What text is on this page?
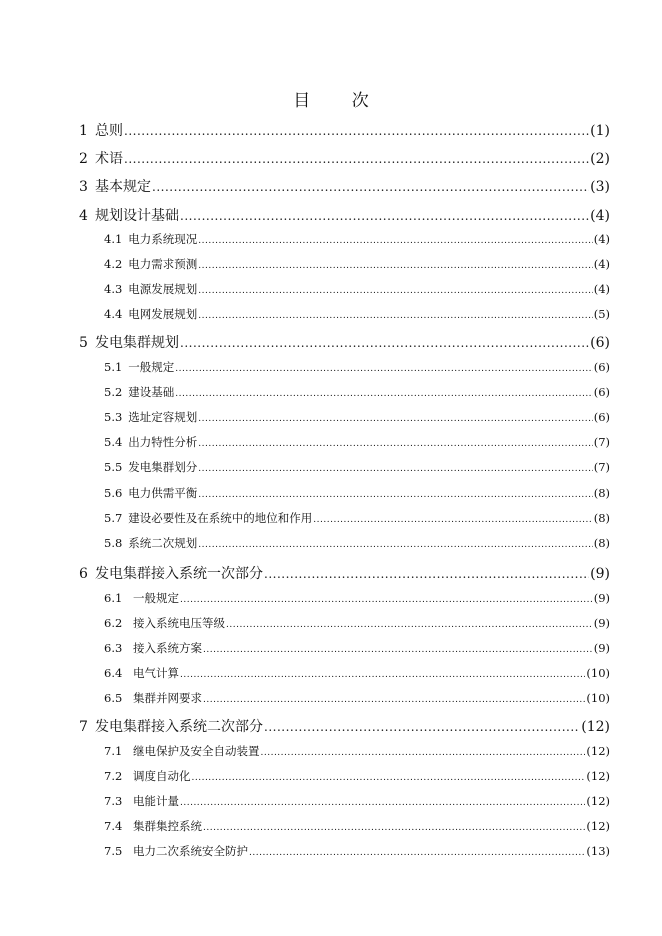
目 次
1 总则 .....	(1)
2 术语 .....	(2)
3 基本规定 .....	(3)
4 规划设计基础 .....	(4)
4.1 电力系统现况 .....	(4)
4.2 电力需求预测 .....	(4)
4.3 电源发展规划 .....	(4)
4.4 电网发展规划 .....	(5)
5 发电集群规划 .....	(6)
5.1 一般规定 .....	(6)
5.2 建设基础 .....	(6)
5.3 选址定容规划 .....	(6)
5.4 出力特性分析 .....	(7)
5.5 发电集群划分 .....	(7)
5.6 电力供需平衡 .....	(8)
5.7 建设必要性及在系统中的地位和作用 .....	(8)
5.8 系统二次规划 .....	(8)
6 发电集群接入系统一次部分 .....	(9)
6.1 一般规定 .....	(9)
6.2 接入系统电压等级 .....	(9)
6.3 接入系统方案 .....	(9)
6.4 电气计算 .....	(10)
6.5 集群并网要求 .....	(10)
7 发电集群接入系统二次部分 .....	(12)
7.1 继电保护及安全自动装置 .....	(12)
7.2 调度自动化 .....	(12)
7.3 电能计量 .....	(12)
7.4 集群集控系统 .....	(12)
7.5 电力二次系统安全防护 .....	(13)
